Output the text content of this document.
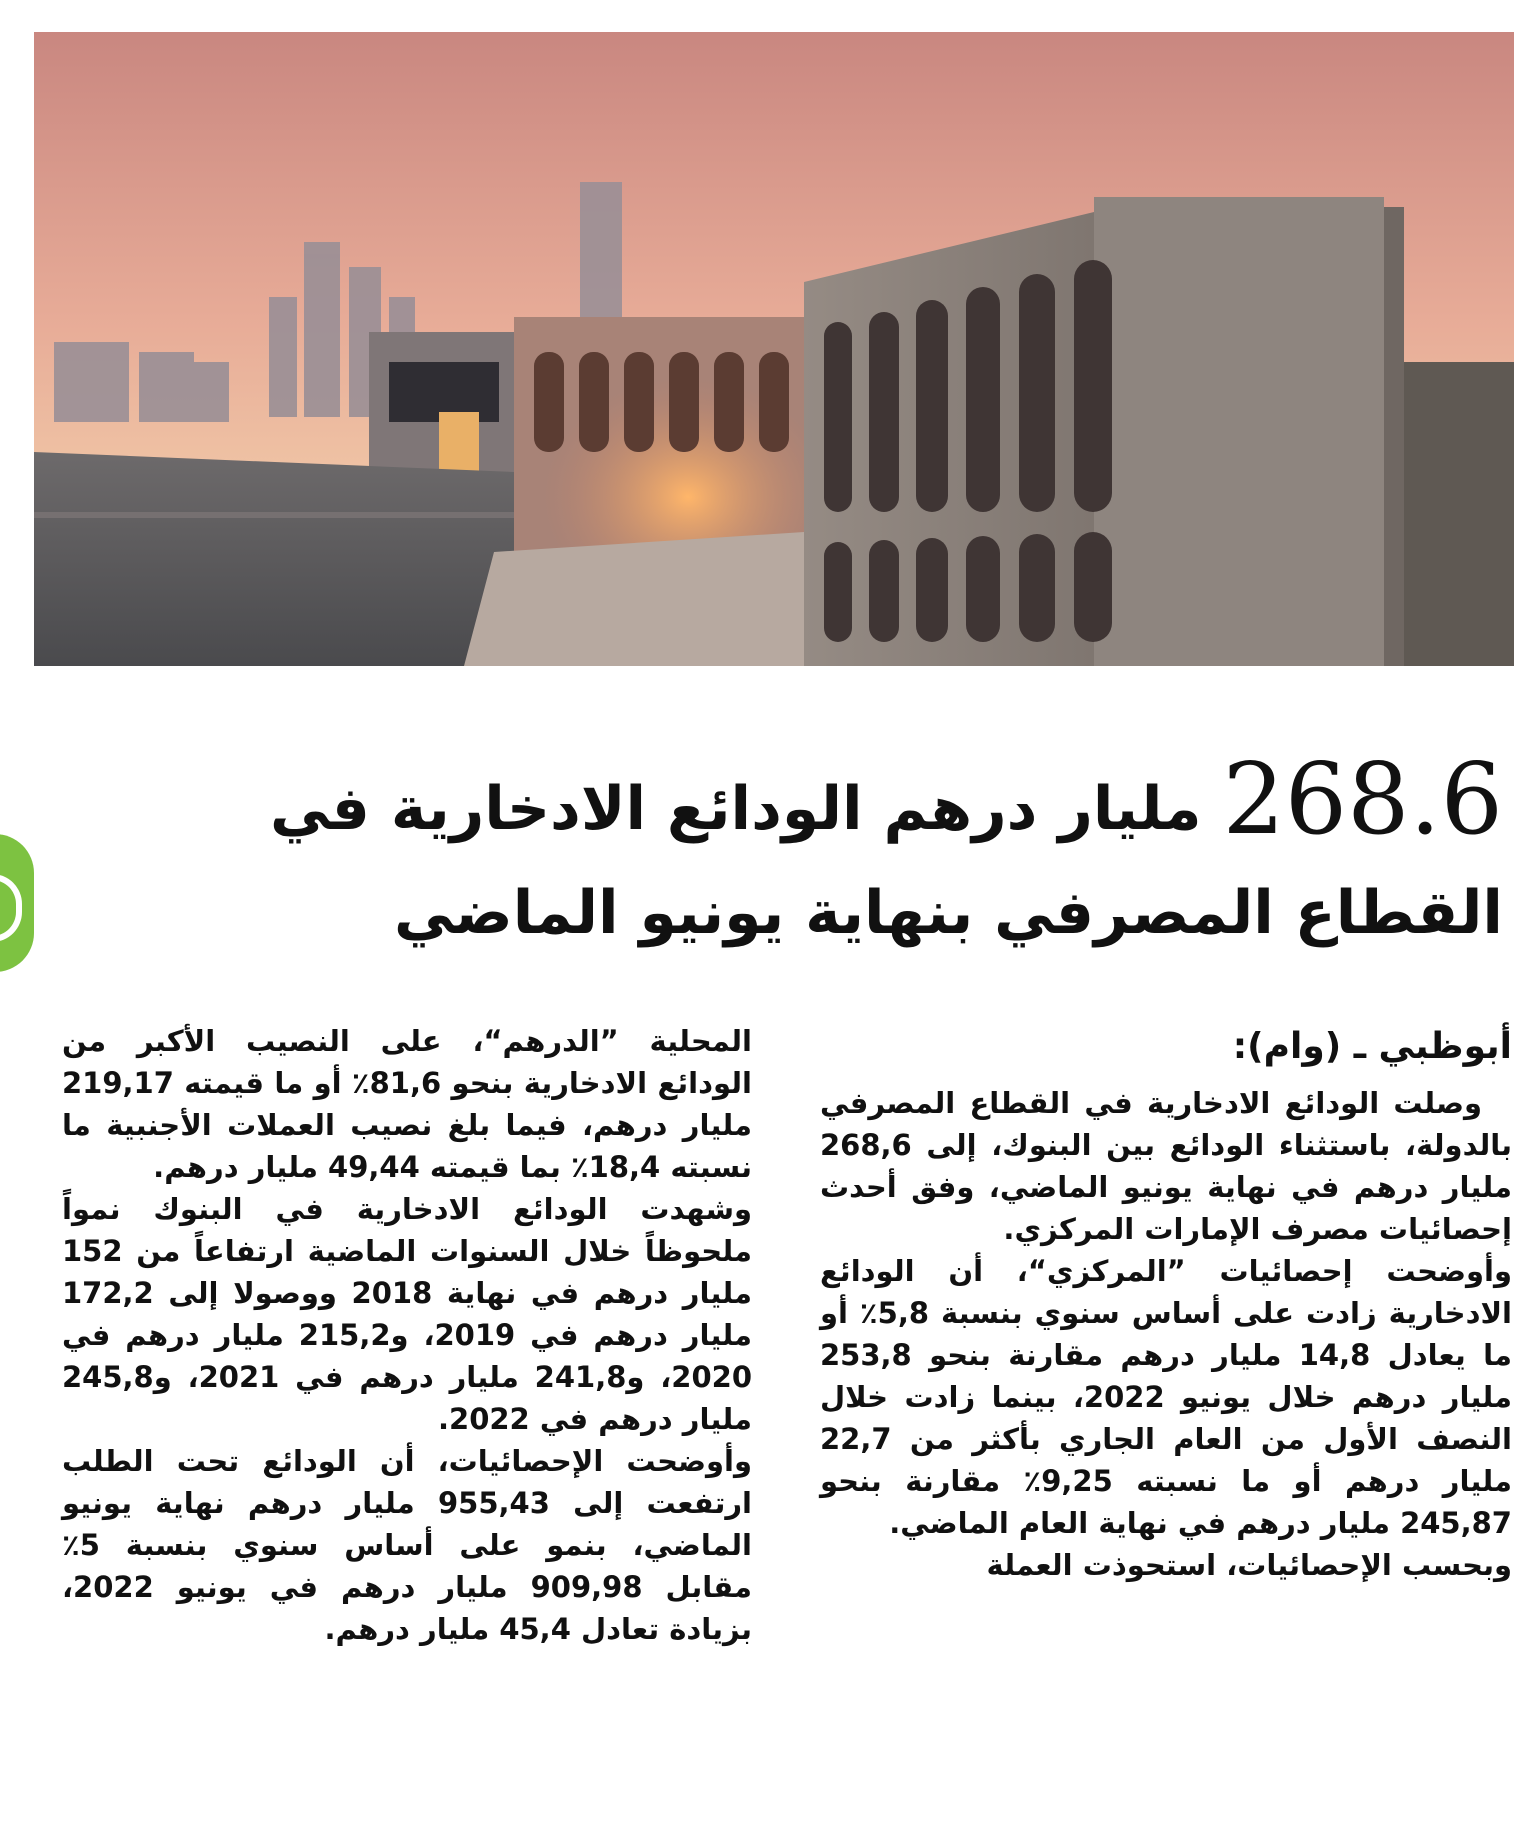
268.6 مليار درهم الودائع الادخارية في
القطاع المصرفي بنهاية يونيو الماضي

أبوظبي ـ (وام):

وصلت الودائع الادخارية في القطاع المصرفي بالدولة، باستثناء الودائع بين البنوك، إلى 268,6 مليار درهم في نهاية يونيو الماضي، وفق أحدث إحصائيات مصرف الإمارات المركزي.

وأوضحت إحصائيات ”المركزي“، أن الودائع الادخارية زادت على أساس سنوي بنسبة 5,8٪ أو ما يعادل 14,8 مليار درهم مقارنة بنحو 253,8 مليار درهم خلال يونيو 2022، بينما زادت خلال النصف الأول من العام الجاري بأكثر من 22,7 مليار درهم أو ما نسبته 9,25٪ مقارنة بنحو 245,87 مليار درهم في نهاية العام الماضي.

وبحسب الإحصائيات، استحوذت العملة

المحلية ”الدرهم“، على النصيب الأكبر من الودائع الادخارية بنحو 81,6٪ أو ما قيمته 219,17 مليار درهم، فيما بلغ نصيب العملات الأجنبية ما نسبته 18,4٪ بما قيمته 49,44 مليار درهم.

وشهدت الودائع الادخارية في البنوك نمواً ملحوظاً خلال السنوات الماضية ارتفاعاً من 152 مليار درهم في نهاية 2018 ووصولا إلى 172,2 مليار درهم في 2019، و215,2 مليار درهم في 2020، و241,8 مليار درهم في 2021، و245,8 مليار درهم في 2022.

وأوضحت الإحصائيات، أن الودائع تحت الطلب ارتفعت إلى 955,43 مليار درهم نهاية يونيو الماضي، بنمو على أساس سنوي بنسبة 5٪ مقابل 909,98 مليار درهم في يونيو 2022، بزيادة تعادل 45,4 مليار درهم.
